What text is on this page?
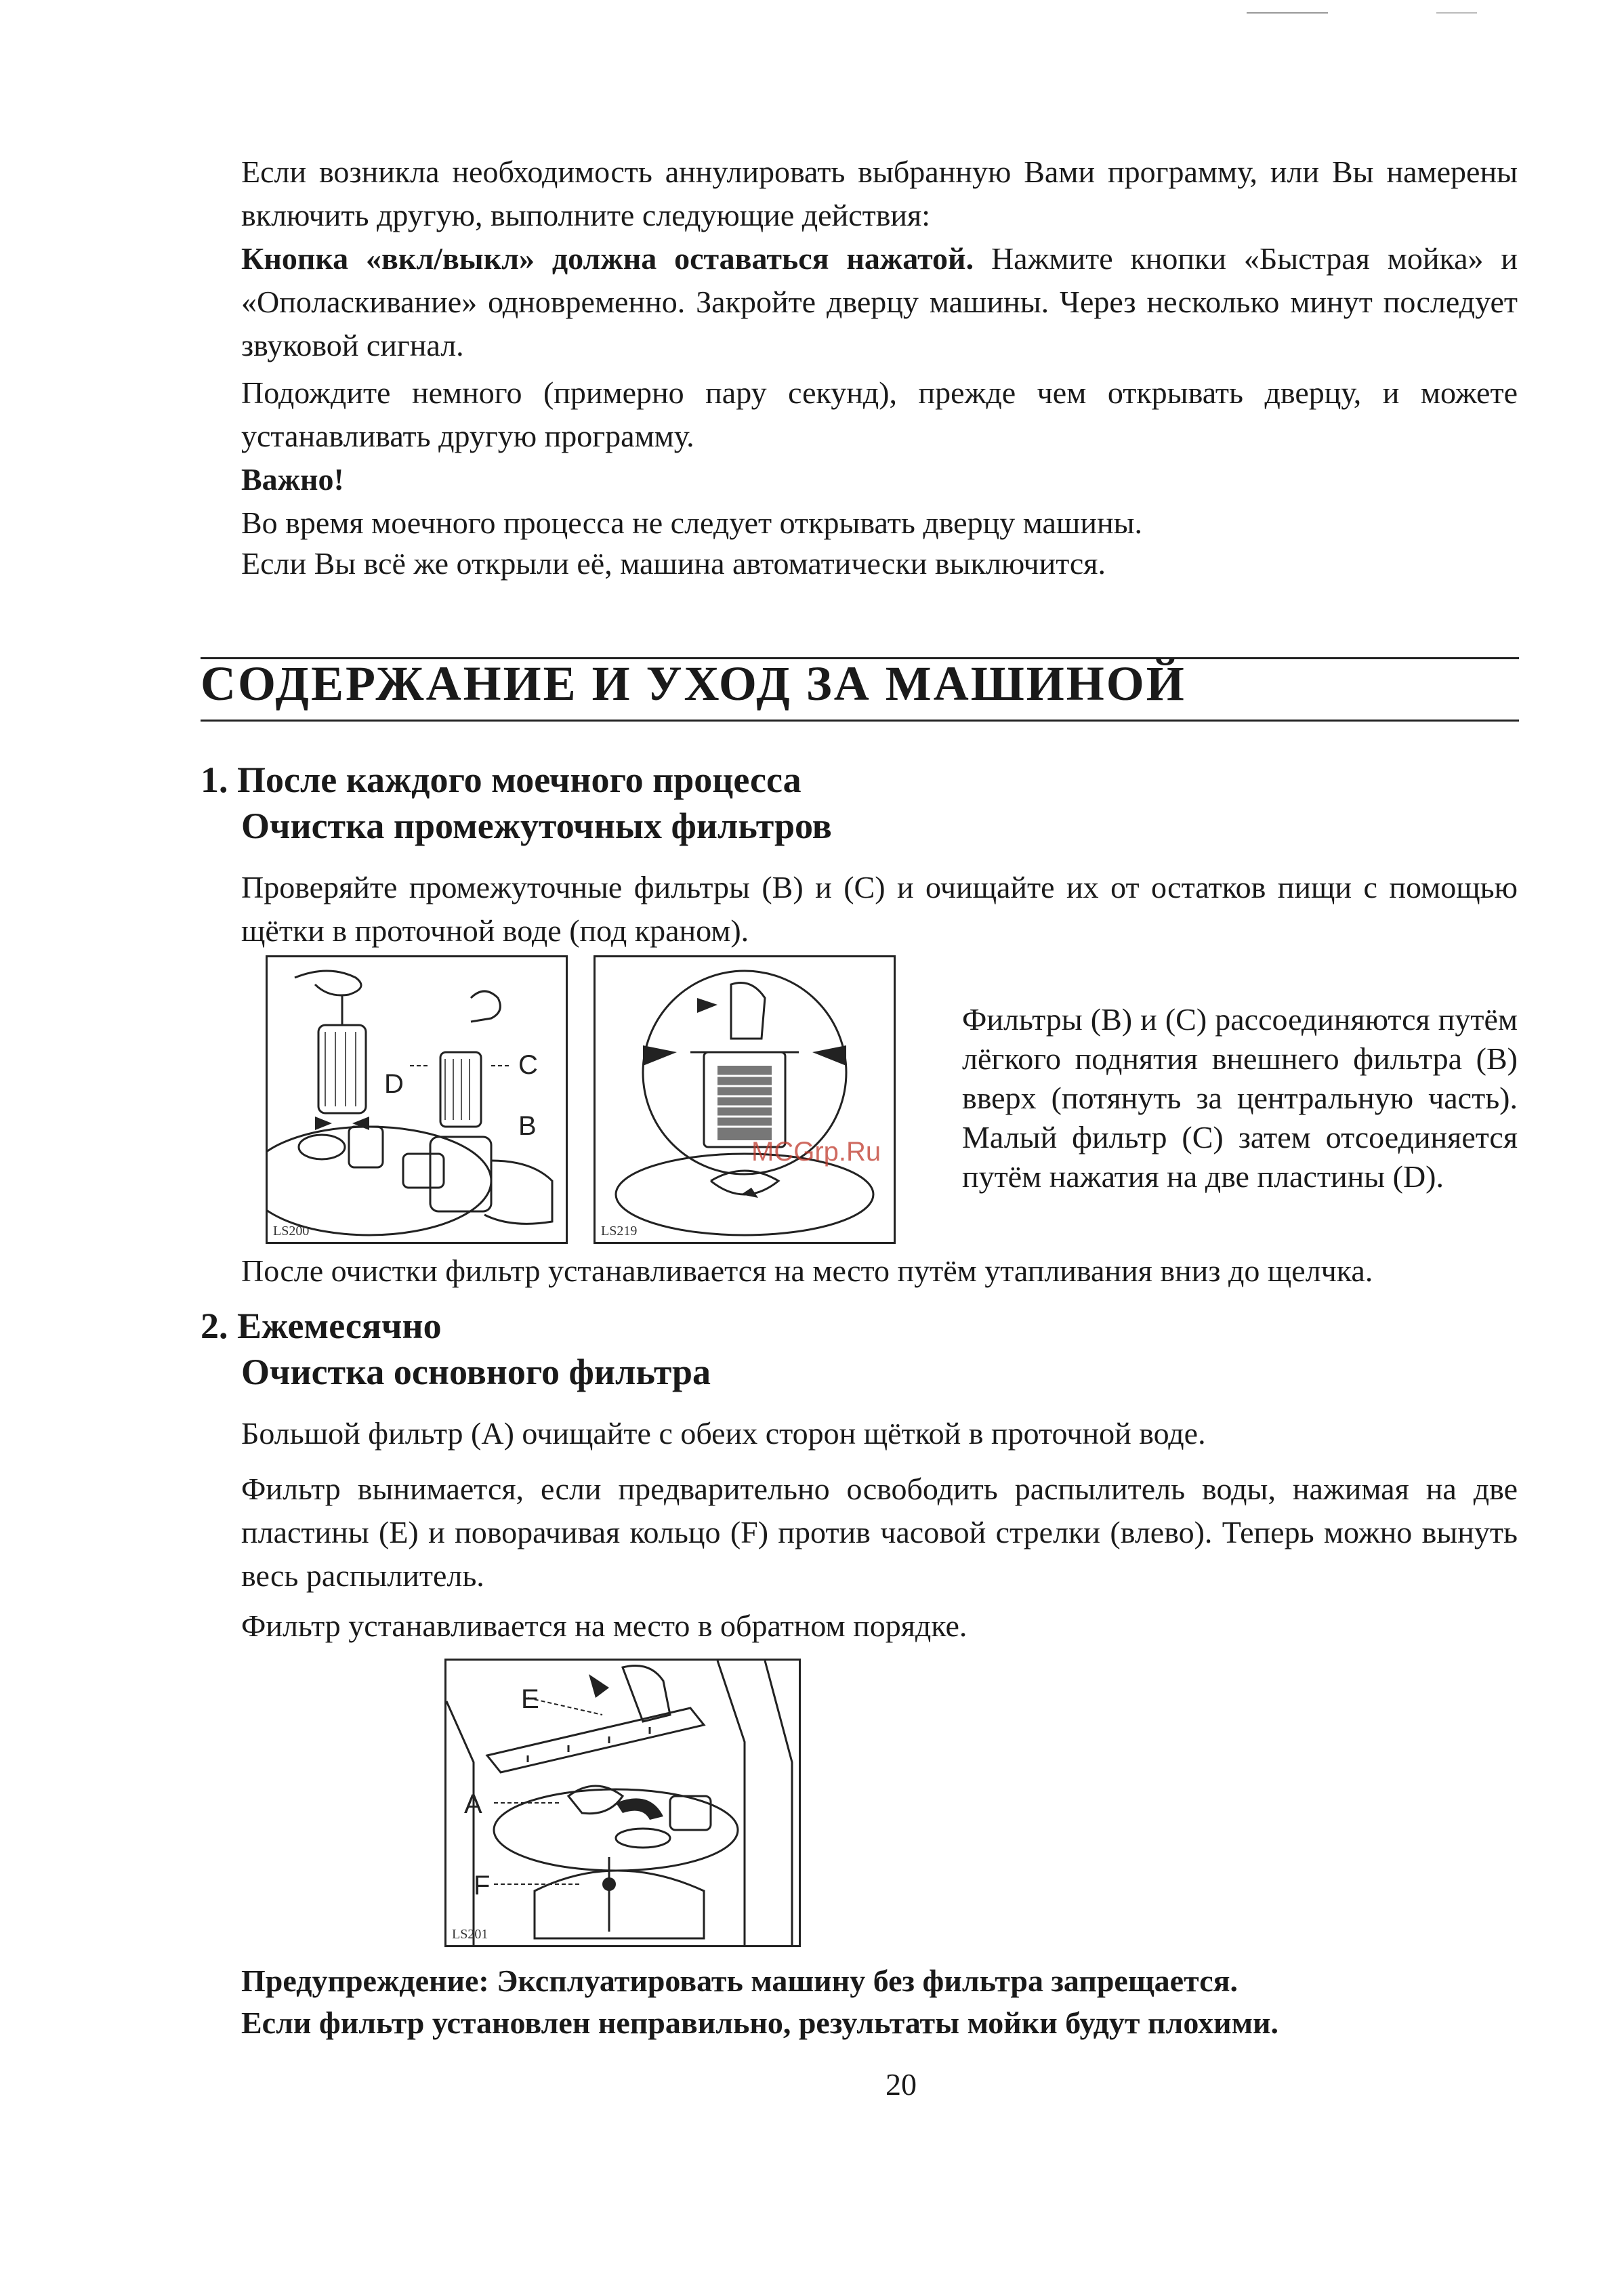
Если возникла необходимость аннулировать выбранную Вами программу, или Вы намерены включить другую, выполните следующие действия:
Кнопка «вкл/выкл» должна оставаться нажатой. Нажмите кнопки «Быстрая мойка» и «Ополаскивание» одновременно. Закройте дверцу машины. Через несколько минут последует звуковой сигнал.
Подождите немного (примерно пару секунд), прежде чем открывать дверцу, и можете устанавливать другую программу.
Важно!
Во время моечного процесса не следует открывать дверцу машины.
Если Вы всё же открыли её, машина автоматически выключится.
СОДЕРЖАНИЕ И УХОД ЗА МАШИНОЙ
1. После каждого моечного процесса
Очистка промежуточных фильтров
Проверяйте промежуточные фильтры (B) и (C) и очищайте их от остатков пищи с помощью щётки в проточной воде (под краном).
C
D
B
LS200
MCGrp.Ru
LS219
Фильтры (B) и (C) рассоединяются путём лёгкого поднятия внешнего фильтра (B) вверх (потянуть за центральную часть). Малый фильтр (C) затем отсоединяется путём нажатия на две пластины (D).
После очистки фильтр устанавливается на место путём утапливания вниз до щелчка.
2. Ежемесячно
Очистка основного фильтра
Большой фильтр (A) очищайте с обеих сторон щёткой в проточной воде.
Фильтр вынимается, если предварительно освободить распылитель воды, нажимая на две пластины (E) и поворачивая кольцо (F) против часовой стрелки (влево). Теперь можно вынуть весь распылитель.
Фильтр устанавливается на место в обратном порядке.
E
A
F
LS201
Предупреждение: Эксплуатировать машину без фильтра запрещается.
Если фильтр установлен неправильно, результаты мойки будут плохими.
20
